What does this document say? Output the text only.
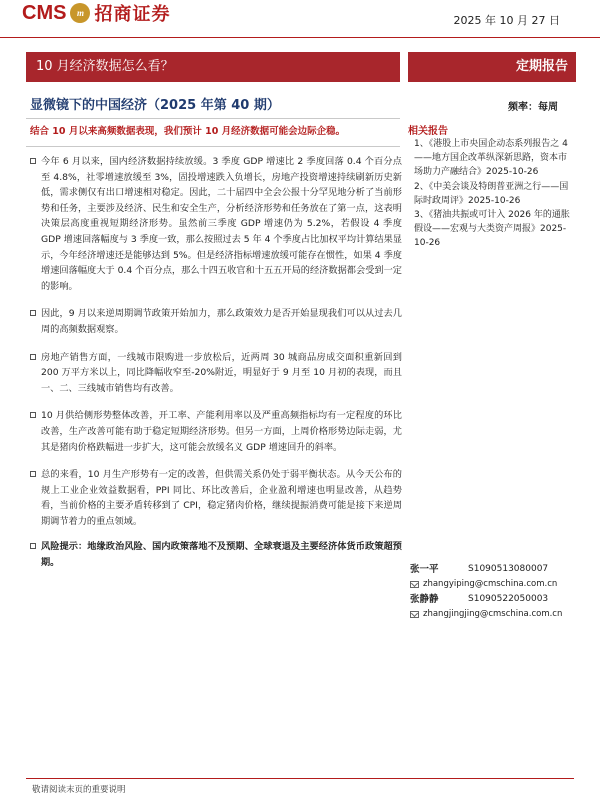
CMS	m 招商证券	2025 年 10 月 27 日
10 月经济数据怎么看？	定期报告
显微镜下的中国经济（2025 年第 40 期）	频率：每周
结合 10 月以来高频数据表现，我们预计 10 月经济数据可能会边际企稳。
今年 6 月以来，国内经济数据持续放缓。3 季度 GDP 增速比 2 季度回落 0.4 个百分点至 4.8%，社零增速放缓至 3%，固投增速跌入负增长，房地产投资增速持续刷新历史新低，需求侧仅有出口增速相对稳定。因此，二十届四中全会公报十分罕见地分析了当前形势和任务，主要涉及经济、民生和安全生产，分析经济形势和任务放在了第一点，这表明决策层高度重视短期经济形势。虽然前三季度 GDP 增速仍为 5.2%，若假设 4 季度 GDP 增速回落幅度与 3 季度一致，那么按照过去 5 年 4 个季度占比加权平均计算结果显示，今年经济增速还是能够达到 5%。但是经济指标增速放缓可能存在惯性，如果 4 季度增速回落幅度大于 0.4 个百分点，那么十四五收官和十五五开局的经济数据都会受到一定的影响。
因此，9 月以来逆周期调节政策开始加力，那么政策效力是否开始显现我们可以从过去几周的高频数据观察。
房地产销售方面，一线城市限购进一步放松后，近两周 30 城商品房成交面积重新回到 200 万平方米以上，同比降幅收窄至-20%附近，明显好于 9 月至 10 月初的表现，而且一、二、三线城市销售均有改善。
10 月供给侧形势整体改善，开工率、产能利用率以及严重高频指标均有一定程度的环比改善，生产改善可能有助于稳定短期经济形势。但另一方面，上周价格形势边际走弱，尤其是猪肉价格跌幅进一步扩大，这可能会放缓名义 GDP 增速回升的斜率。
总的来看，10 月生产形势有一定的改善，但供需关系仍处于弱平衡状态。从今天公布的规上工业企业效益数据看，PPI 同比、环比改善后，企业盈利增速也明显改善，从趋势看，当前价格的主要矛盾转移到了 CPI，稳定猪肉价格，继续提振消费可能是接下来逆周期调节着力的重点领域。
风险提示：地缘政治风险、国内政策落地不及预期、全球衰退及主要经济体货币政策超预期。
相关报告
1、《港股上市央国企动态系列报告之 4——地方国企改革纵深新思路，资本市场助力产融结合》2025-10-26
2、《中美会谈及特朗普亚洲之行——国际时政周评》2025-10-26
3、《猪油共振或可计入 2026 年的通胀假设——宏观与大类资产周报》2025-10-26
张一平	S1090513080007
zhangyiping@cmschina.com.cn
张静静	S1090522050003
zhangjingjing@cmschina.com.cn
敬请阅读末页的重要说明
